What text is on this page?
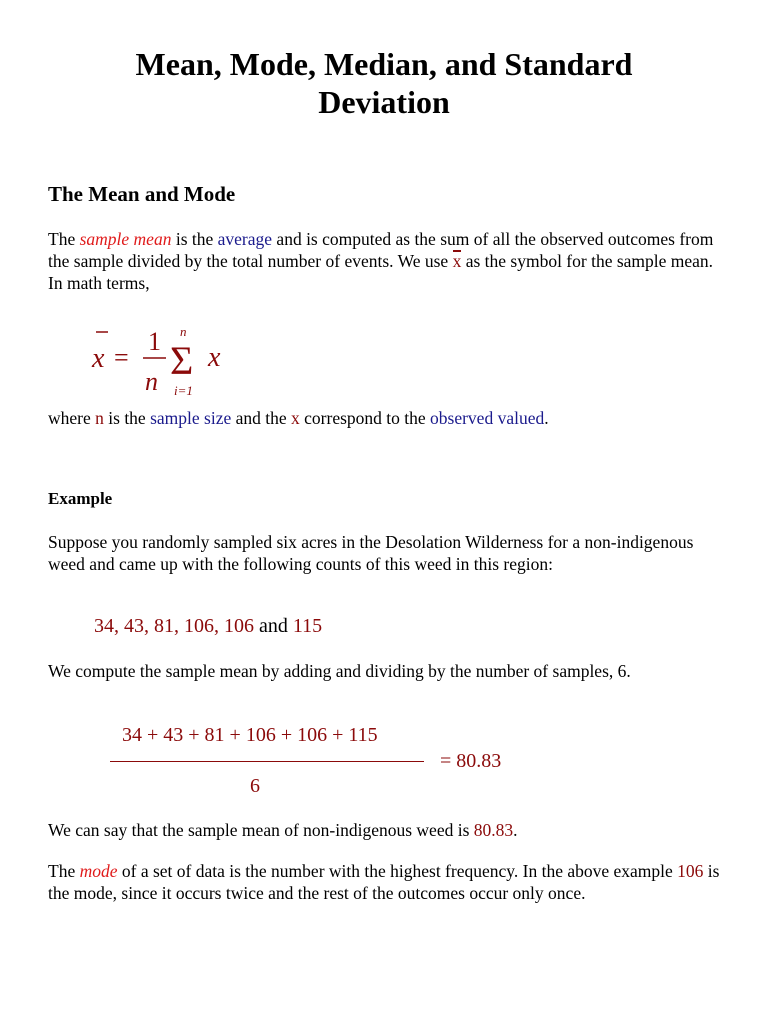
Mean, Mode, Median, and Standard
Deviation
The Mean and Mode
The sample mean is the average and is computed as the sum of all the observed outcomes from the sample divided by the total number of events. We use x as the symbol for the sample mean. In math terms,
x =
1
n
n
Σ
i=1
x
where n is the sample size and the x correspond to the observed valued.
Example
Suppose you randomly sampled six acres in the Desolation Wilderness for a non-indigenous weed and came up with the following counts of this weed in this region:
34, 43, 81, 106, 106 and 115
We compute the sample mean by adding and dividing by the number of samples, 6.
34 + 43 + 81 + 106 + 106 + 115
6
= 80.83
We can say that the sample mean of non-indigenous weed is 80.83.
The mode of a set of data is the number with the highest frequency. In the above example 106 is the mode, since it occurs twice and the rest of the outcomes occur only once.
